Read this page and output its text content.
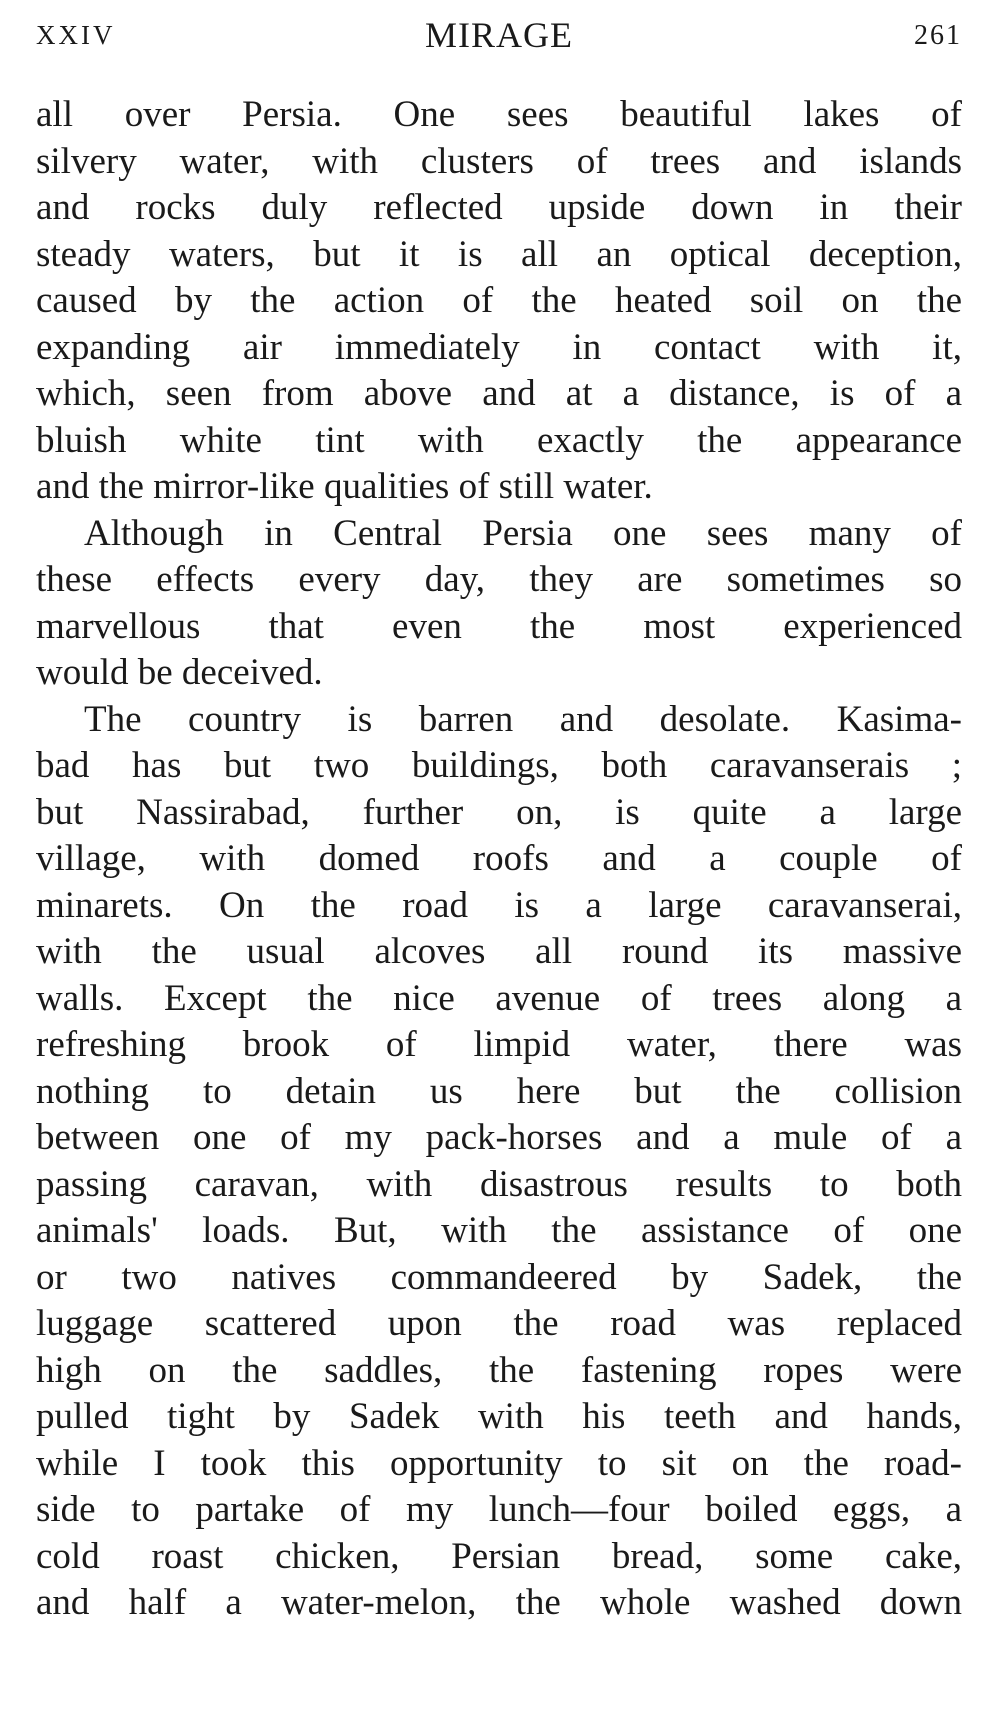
XXIV	MIRAGE	261
all over Persia. One sees beautiful lakes of
silvery water, with clusters of trees and islands
and rocks duly reflected upside down in their
steady waters, but it is all an optical deception,
caused by the action of the heated soil on the
expanding air immediately in contact with it,
which, seen from above and at a distance, is of a
bluish white tint with exactly the appearance
and the mirror-like qualities of still water.
Although in Central Persia one sees many of
these effects every day, they are sometimes so
marvellous that even the most experienced
would be deceived.
The country is barren and desolate. Kasima-
bad has but two buildings, both caravanserais ;
but Nassirabad, further on, is quite a large
village, with domed roofs and a couple of
minarets. On the road is a large caravanserai,
with the usual alcoves all round its massive
walls. Except the nice avenue of trees along a
refreshing brook of limpid water, there was
nothing to detain us here but the collision
between one of my pack-horses and a mule of a
passing caravan, with disastrous results to both
animals' loads. But, with the assistance of one
or two natives commandeered by Sadek, the
luggage scattered upon the road was replaced
high on the saddles, the fastening ropes were
pulled tight by Sadek with his teeth and hands,
while I took this opportunity to sit on the road-
side to partake of my lunch—four boiled eggs, a
cold roast chicken, Persian bread, some cake,
and half a water-melon, the whole washed down
